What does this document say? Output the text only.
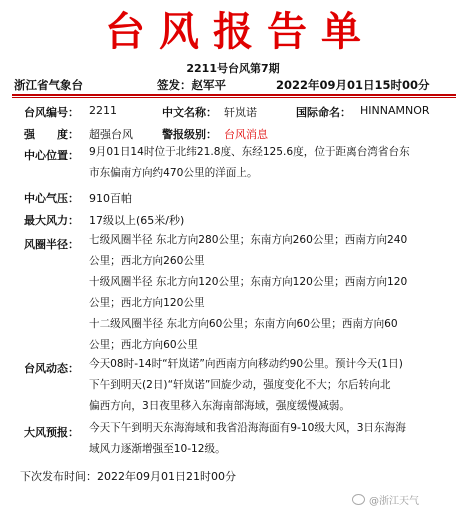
台风报告单
2211号台风第7期
浙江省气象台	签发：赵军平	2022年09月01日15时00分
台风编号： 2211	中文名称： 轩岚诺	国际命名： HINNAMNOR
强　　度： 超强台风	警报级别： 台风消息
中心位置： 9月01日14时位于北纬21.8度、东经125.6度，位于距离台湾省台东
市东偏南方向约470公里的洋面上。
中心气压： 910百帕
最大风力： 17级以上(65米/秒)
风圈半径： 七级风圈半径 东北方向280公里；东南方向260公里；西南方向240
公里；西北方向260公里
十级风圈半径 东北方向120公里；东南方向120公里；西南方向120
公里；西北方向120公里
十二级风圈半径 东北方向60公里；东南方向60公里；西南方向60
公里；西北方向60公里
台风动态： 今天08时-14时“轩岚诺”向西南方向移动约90公里。预计今天(1日)
下午到明天(2日)“轩岚诺”回旋少动，强度变化不大；尔后转向北
偏西方向，3日夜里移入东海南部海域，强度缓慢减弱。
大风预报： 今天下午到明天东海海域和我省沿海海面有9-10级大风，3日东海海
域风力逐渐增强至10-12级。
下次发布时间：2022年09月01日21时00分
@浙江天气
